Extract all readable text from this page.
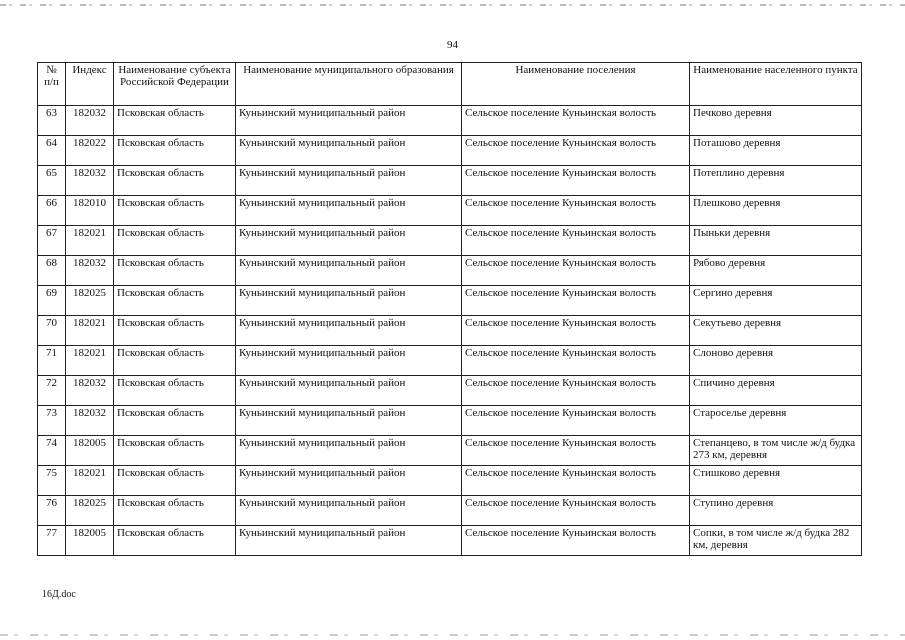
94
№ п/п	Индекс	Наименование субъекта Российской Федерации	Наименование муниципального образования	Наименование поселения	Наименование населенного пункта
63	182032	Псковская область	Куньинский муниципальный район	Сельское поселение Куньинская волость	Печково деревня
64	182022	Псковская область	Куньинский муниципальный район	Сельское поселение Куньинская волость	Поташово деревня
65	182032	Псковская область	Куньинский муниципальный район	Сельское поселение Куньинская волость	Потеплино деревня
66	182010	Псковская область	Куньинский муниципальный район	Сельское поселение Куньинская волость	Плешково деревня
67	182021	Псковская область	Куньинский муниципальный район	Сельское поселение Куньинская волость	Пыньки деревня
68	182032	Псковская область	Куньинский муниципальный район	Сельское поселение Куньинская волость	Рябово деревня
69	182025	Псковская область	Куньинский муниципальный район	Сельское поселение Куньинская волость	Сергино деревня
70	182021	Псковская область	Куньинский муниципальный район	Сельское поселение Куньинская волость	Секутьево деревня
71	182021	Псковская область	Куньинский муниципальный район	Сельское поселение Куньинская волость	Слоново деревня
72	182032	Псковская область	Куньинский муниципальный район	Сельское поселение Куньинская волость	Спичино деревня
73	182032	Псковская область	Куньинский муниципальный район	Сельское поселение Куньинская волость	Староселье деревня
74	182005	Псковская область	Куньинский муниципальный район	Сельское поселение Куньинская волость	Степанцево, в том числе ж/д будка 273 км, деревня
75	182021	Псковская область	Куньинский муниципальный район	Сельское поселение Куньинская волость	Стишково деревня
76	182025	Псковская область	Куньинский муниципальный район	Сельское поселение Куньинская волость	Ступино деревня
77	182005	Псковская область	Куньинский муниципальный район	Сельское поселение Куньинская волость	Сопки, в том числе ж/д будка 282 км, деревня
16Д.doc
